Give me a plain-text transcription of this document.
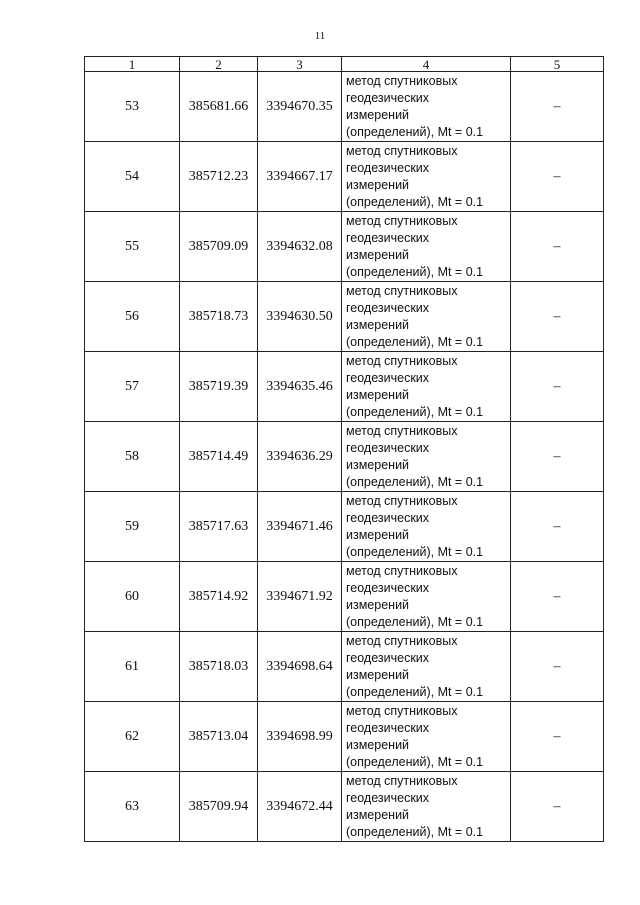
11
1	2	3	4	5
53	385681.66	3394670.35	метод спутниковых
геодезических
измерений
(определений), Mt = 0.1	–
54	385712.23	3394667.17	метод спутниковых
геодезических
измерений
(определений), Mt = 0.1	–
55	385709.09	3394632.08	метод спутниковых
геодезических
измерений
(определений), Mt = 0.1	–
56	385718.73	3394630.50	метод спутниковых
геодезических
измерений
(определений), Mt = 0.1	–
57	385719.39	3394635.46	метод спутниковых
геодезических
измерений
(определений), Mt = 0.1	–
58	385714.49	3394636.29	метод спутниковых
геодезических
измерений
(определений), Mt = 0.1	–
59	385717.63	3394671.46	метод спутниковых
геодезических
измерений
(определений), Mt = 0.1	–
60	385714.92	3394671.92	метод спутниковых
геодезических
измерений
(определений), Mt = 0.1	–
61	385718.03	3394698.64	метод спутниковых
геодезических
измерений
(определений), Mt = 0.1	–
62	385713.04	3394698.99	метод спутниковых
геодезических
измерений
(определений), Mt = 0.1	–
63	385709.94	3394672.44	метод спутниковых
геодезических
измерений
(определений), Mt = 0.1	–
